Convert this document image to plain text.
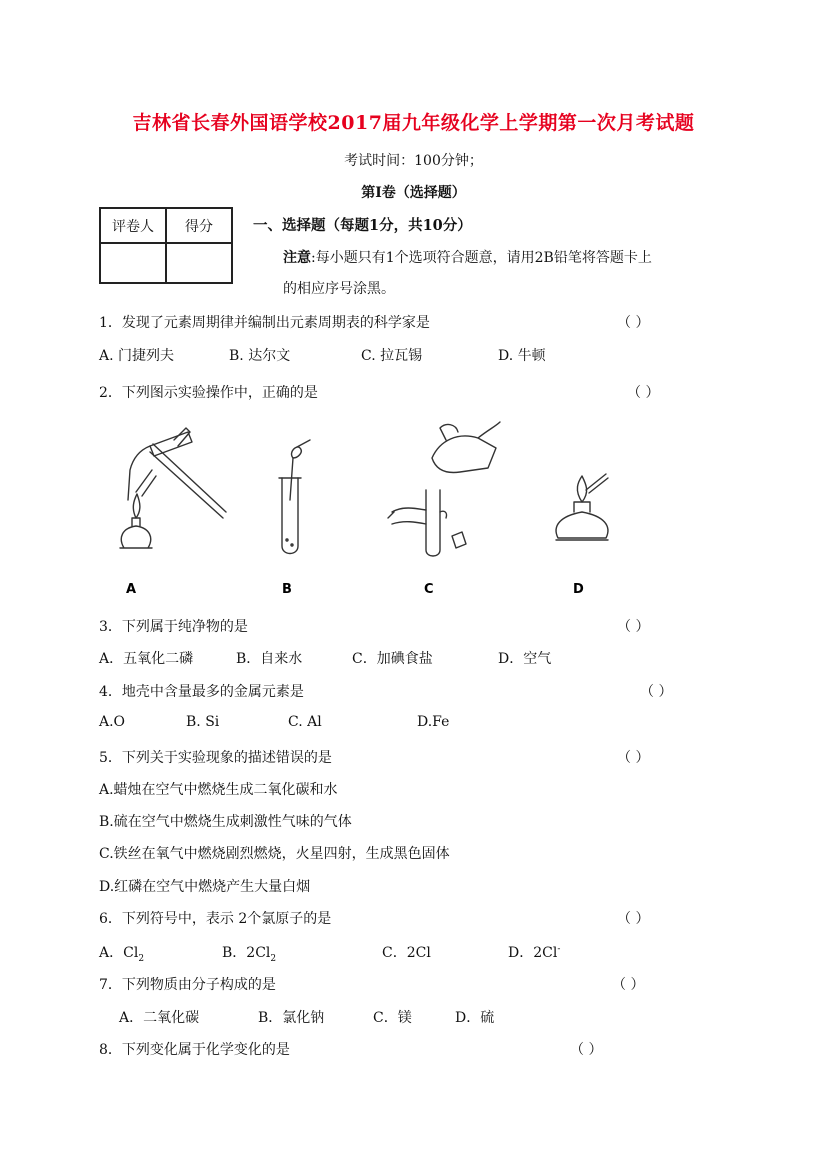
吉林省长春外国语学校2017届九年级化学上学期第一次月考试题
考试时间：100分钟；
第I卷（选择题）
评卷人	得分
		一、选择题（每题1分，共10分）
注意:每小题只有1个选项符合题意，请用2B铅笔将答题卡上
的相应序号涂黑。
1．发现了元素周期律并编制出元素周期表的科学家是	（ ）
A. 门捷列夫	B. 达尔文	C. 拉瓦锡	D. 牛顿
2．下列图示实验操作中，正确的是	（ ）
A	B	C	D
3．下列属于纯净物的是	（ ）
A．五氧化二磷	B．自来水	C．加碘食盐	D．空气
4．地壳中含量最多的金属元素是	（ ）
A.O	B. Si	C. Al	D.Fe
5．下列关于实验现象的描述错误的是	（ ）
A.蜡烛在空气中燃烧生成二氧化碳和水
B.硫在空气中燃烧生成刺激性气味的气体
C.铁丝在氧气中燃烧剧烈燃烧，火星四射，生成黑色固体
D.红磷在空气中燃烧产生大量白烟
6．下列符号中，表示 2个氯原子的是	（ ）
A．$Cl_2$	B．$2Cl_2$	C．2Cl	D．2Cl-
7．下列物质由分子构成的是	（ ）
A．二氧化碳	B．氯化钠	C．镁	D．硫
8．下列变化属于化学变化的是	（ ）
